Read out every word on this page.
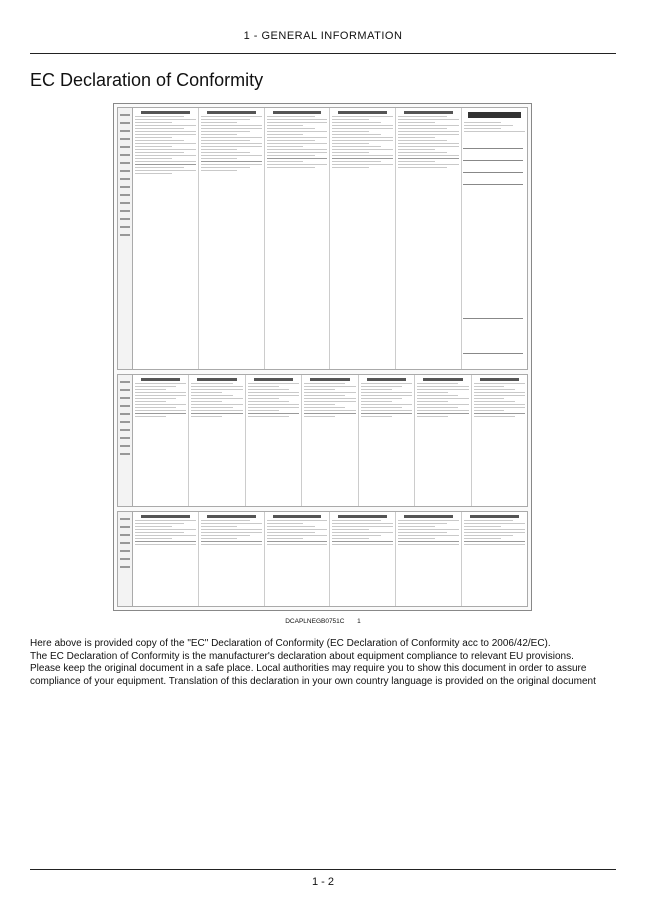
1 - GENERAL INFORMATION
EC Declaration of Conformity
DCAPLNEGB0751C 1

Here above is provided copy of the "EC" Declaration of Conformity (EC Declaration of Conformity acc to 2006/42/EC).

The EC Declaration of Conformity is the manufacturer's declaration about equipment compliance to relevant EU provisions.

Please keep the original document in a safe place. Local authorities may require you to show this document in order to assure compliance of your equipment. Translation of this declaration in your own country language is provided on the original document

1 - 2
